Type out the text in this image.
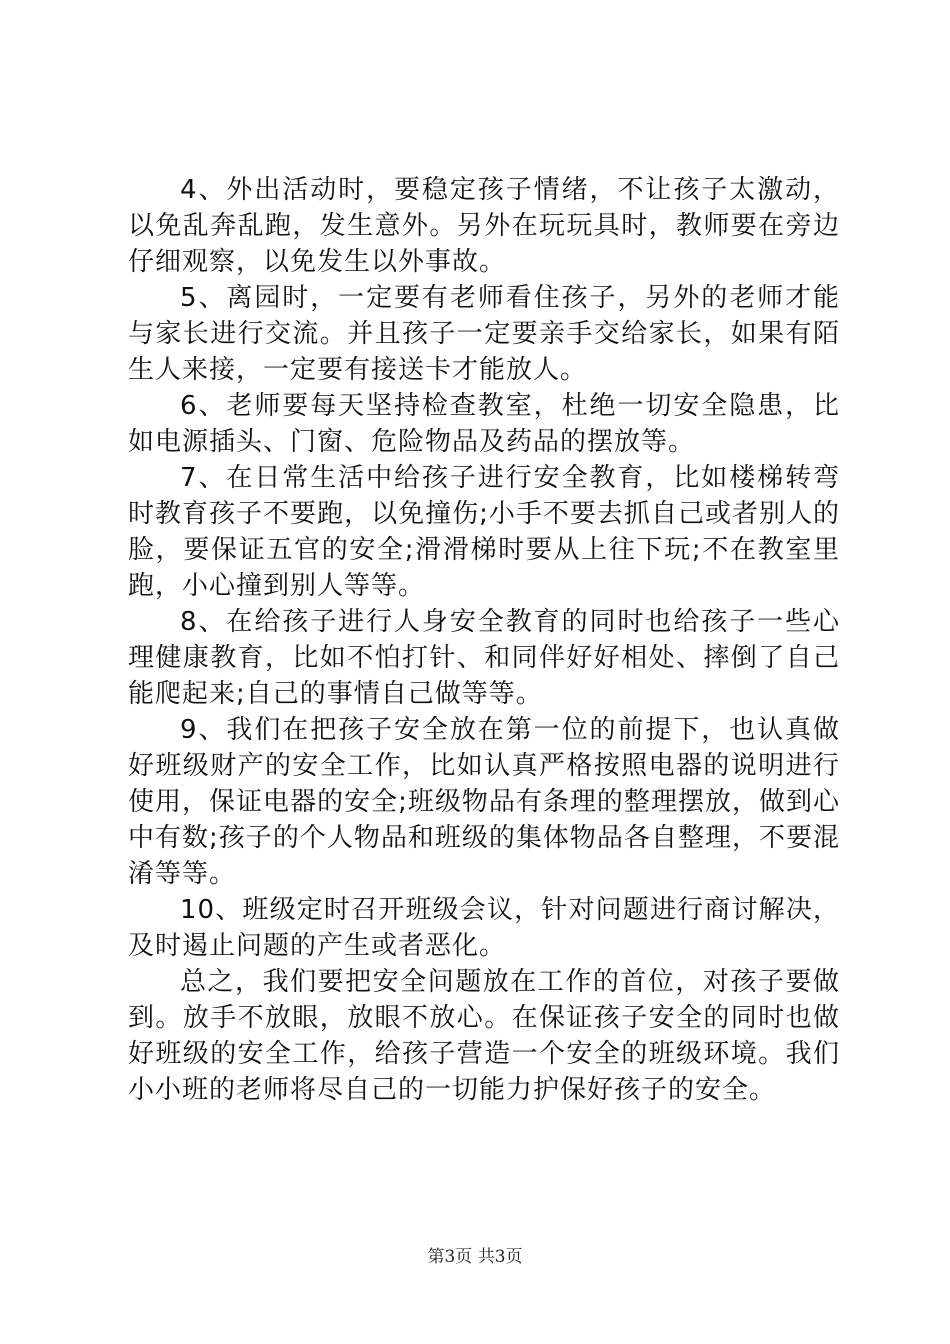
4、外出活动时，要稳定孩子情绪，不让孩子太激动，以免乱奔乱跑，发生意外。另外在玩玩具时，教师要在旁边仔细观察，以免发生以外事故。

5、离园时，一定要有老师看住孩子，另外的老师才能与家长进行交流。并且孩子一定要亲手交给家长，如果有陌生人来接，一定要有接送卡才能放人。

6、老师要每天坚持检查教室，杜绝一切安全隐患，比如电源插头、门窗、危险物品及药品的摆放等。

7、在日常生活中给孩子进行安全教育，比如楼梯转弯时教育孩子不要跑，以免撞伤;小手不要去抓自己或者别人的脸，要保证五官的安全;滑滑梯时要从上往下玩;不在教室里跑，小心撞到别人等等。

8、在给孩子进行人身安全教育的同时也给孩子一些心理健康教育，比如不怕打针、和同伴好好相处、摔倒了自己能爬起来;自己的事情自己做等等。

9、我们在把孩子安全放在第一位的前提下，也认真做好班级财产的安全工作，比如认真严格按照电器的说明进行使用，保证电器的安全;班级物品有条理的整理摆放，做到心中有数;孩子的个人物品和班级的集体物品各自整理，不要混淆等等。

10、班级定时召开班级会议，针对问题进行商讨解决，及时遏止问题的产生或者恶化。

总之，我们要把安全问题放在工作的首位，对孩子要做到。放手不放眼，放眼不放心。在保证孩子安全的同时也做好班级的安全工作，给孩子营造一个安全的班级环境。我们小小班的老师将尽自己的一切能力护保好孩子的安全。

第3页 共3页
